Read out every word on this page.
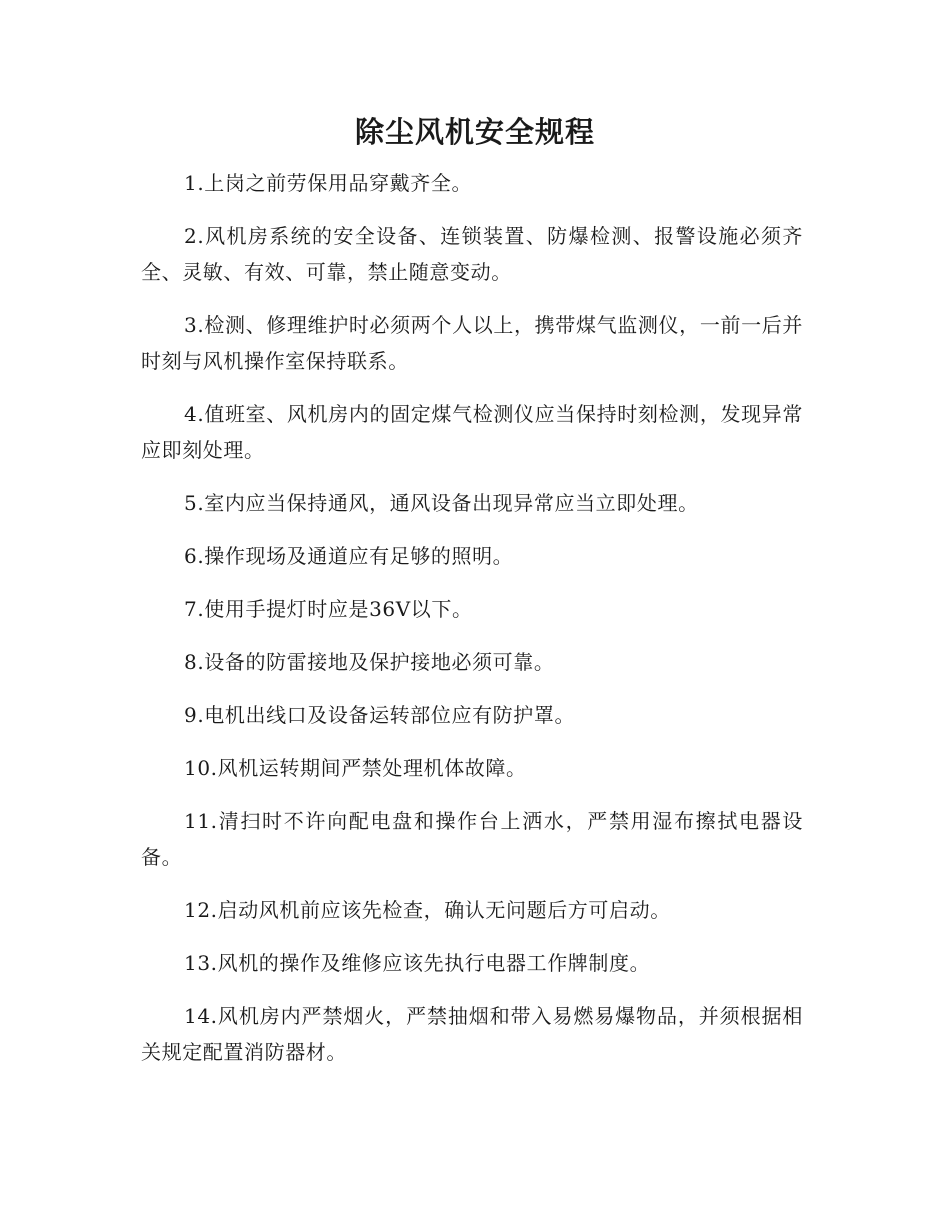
除尘风机安全规程

1.上岗之前劳保用品穿戴齐全。

2.风机房系统的安全设备、连锁装置、防爆检测、报警设施必须齐全、灵敏、有效、可靠，禁止随意变动。

3.检测、修理维护时必须两个人以上，携带煤气监测仪，一前一后并时刻与风机操作室保持联系。

4.值班室、风机房内的固定煤气检测仪应当保持时刻检测，发现异常应即刻处理。

5.室内应当保持通风，通风设备出现异常应当立即处理。

6.操作现场及通道应有足够的照明。

7.使用手提灯时应是36V以下。

8.设备的防雷接地及保护接地必须可靠。

9.电机出线口及设备运转部位应有防护罩。

10.风机运转期间严禁处理机体故障。

11.清扫时不许向配电盘和操作台上洒水，严禁用湿布擦拭电器设备。

12.启动风机前应该先检查，确认无问题后方可启动。

13.风机的操作及维修应该先执行电器工作牌制度。

14.风机房内严禁烟火，严禁抽烟和带入易燃易爆物品，并须根据相关规定配置消防器材。
